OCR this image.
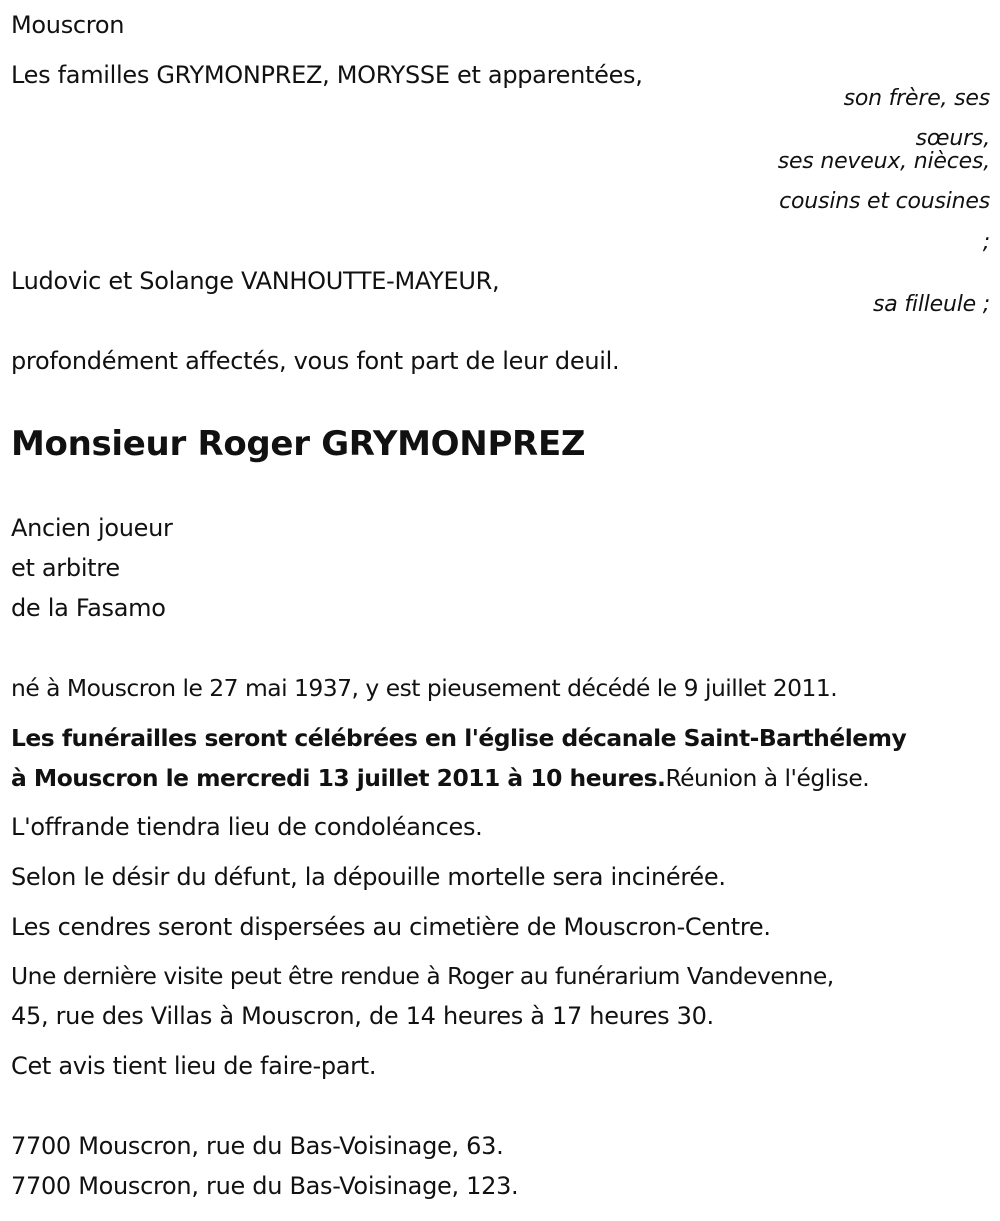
Mouscron
Les familles GRYMONPREZ, MORYSSE et apparentées,
son frère, ses
sœurs,
ses neveux, nièces,
cousins et cousines
;
Ludovic et Solange VANHOUTTE-MAYEUR,
sa filleule ;
profondément affectés, vous font part de leur deuil.
Monsieur Roger GRYMONPREZ
Ancien joueur
et arbitre
de la Fasamo
né à Mouscron le 27 mai 1937, y est pieusement décédé le 9 juillet 2011.
Les funérailles seront célébrées en l'église décanale Saint-Barthélemy
à Mouscron le mercredi 13 juillet 2011 à 10 heures.Réunion à l'église.
L'offrande tiendra lieu de condoléances.
Selon le désir du défunt, la dépouille mortelle sera incinérée.
Les cendres seront dispersées au cimetière de Mouscron-Centre.
Une dernière visite peut être rendue à Roger au funérarium Vandevenne,
45, rue des Villas à Mouscron, de 14 heures à 17 heures 30.
Cet avis tient lieu de faire-part.
7700 Mouscron, rue du Bas-Voisinage, 63.
7700 Mouscron, rue du Bas-Voisinage, 123.
